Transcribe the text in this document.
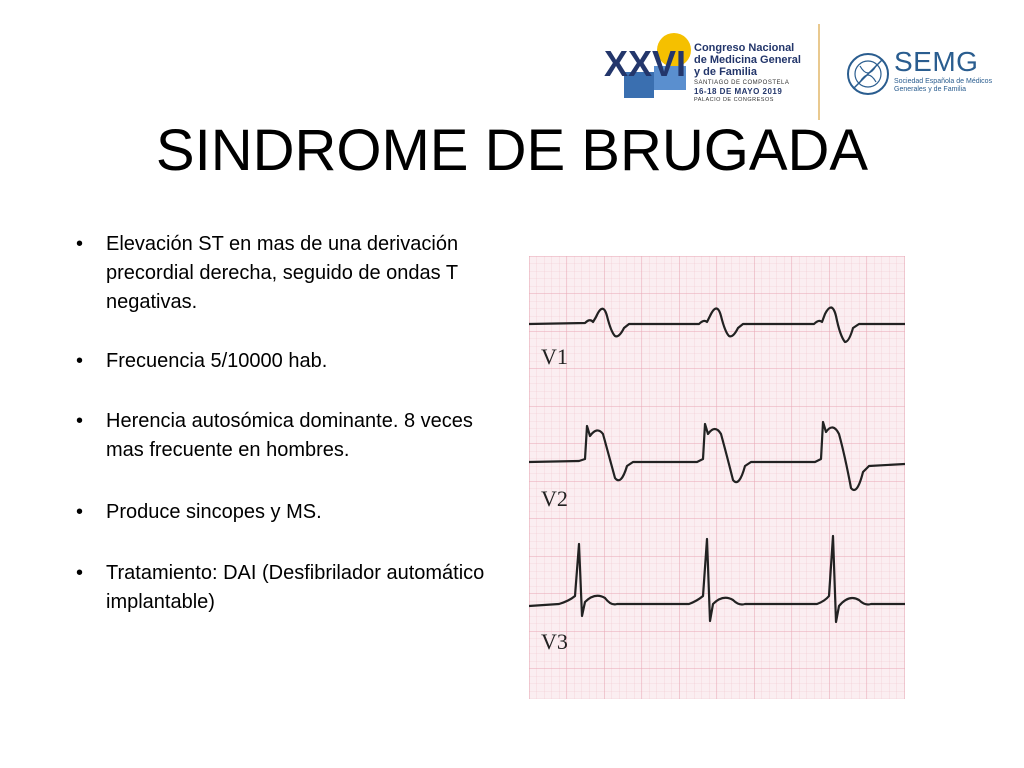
XXVI Congreso Nacional
de Medicina General
y de Familia
SANTIAGO DE COMPOSTELA
16-18 DE MAYO 2019
PALACIO DE CONGRESOS
SEMG
Sociedad Española de Médicos
Generales y de Familia
SINDROME DE BRUGADA
• Elevación ST en mas de una derivación precordial derecha, seguido de ondas T negativas.
• Frecuencia 5/10000 hab.
• Herencia autosómica dominante. 8 veces mas frecuente en hombres.
• Produce sincopes y MS.
• Tratamiento: DAI (Desfibrilador automático implantable)
V1
V2
V3
